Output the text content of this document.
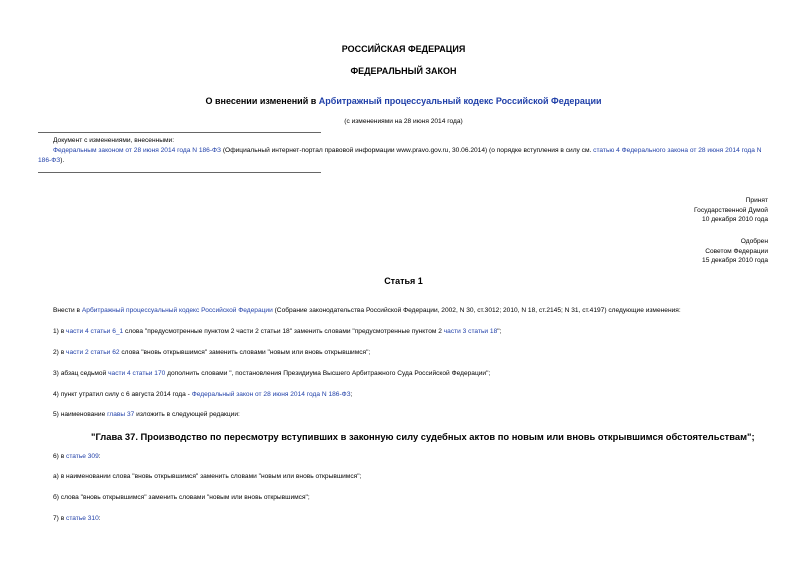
РОССИЙСКАЯ ФЕДЕРАЦИЯ
ФЕДЕРАЛЬНЫЙ ЗАКОН
О внесении изменений в Арбитражный процессуальный кодекс Российской Федерации
(с изменениями на 28 июня 2014 года)
Документ с изменениями, внесенными:
Федеральным законом от 28 июня 2014 года N 186-ФЗ (Официальный интернет-портал правовой информации www.pravo.gov.ru, 30.06.2014) (о порядке вступления в силу см. статью 4 Федерального закона от 28 июня 2014 года N 186-ФЗ).
Принят
Государственной Думой
10 декабря 2010 года
Одобрен
Советом Федерации
15 декабря 2010 года
Статья 1
Внести в Арбитражный процессуальный кодекс Российской Федерации (Собрание законодательства Российской Федерации, 2002, N 30, ст.3012; 2010, N 18, ст.2145; N 31, ст.4197) следующие изменения:
1) в части 4 статьи 6_1 слова "предусмотренные пунктом 2 части 2 статьи 18" заменить словами "предусмотренные пунктом 2 части 3 статьи 18";
2) в части 2 статьи 62 слова "вновь открывшимся" заменить словами "новым или вновь открывшимся";
3) абзац седьмой части 4 статьи 170 дополнить словами ", постановления Президиума Высшего Арбитражного Суда Российской Федерации";
4) пункт утратил силу с 6 августа 2014 года - Федеральный закон от 28 июня 2014 года N 186-ФЗ;
5) наименование главы 37 изложить в следующей редакции:
"Глава 37. Производство по пересмотру вступивших в законную силу судебных актов по новым или вновь открывшимся обстоятельствам";
6) в статье 309:
а) в наименовании слова "вновь открывшимся" заменить словами "новым или вновь открывшимся";
б) слова "вновь открывшимся" заменить словами "новым или вновь открывшимся";
7) в статье 310:
